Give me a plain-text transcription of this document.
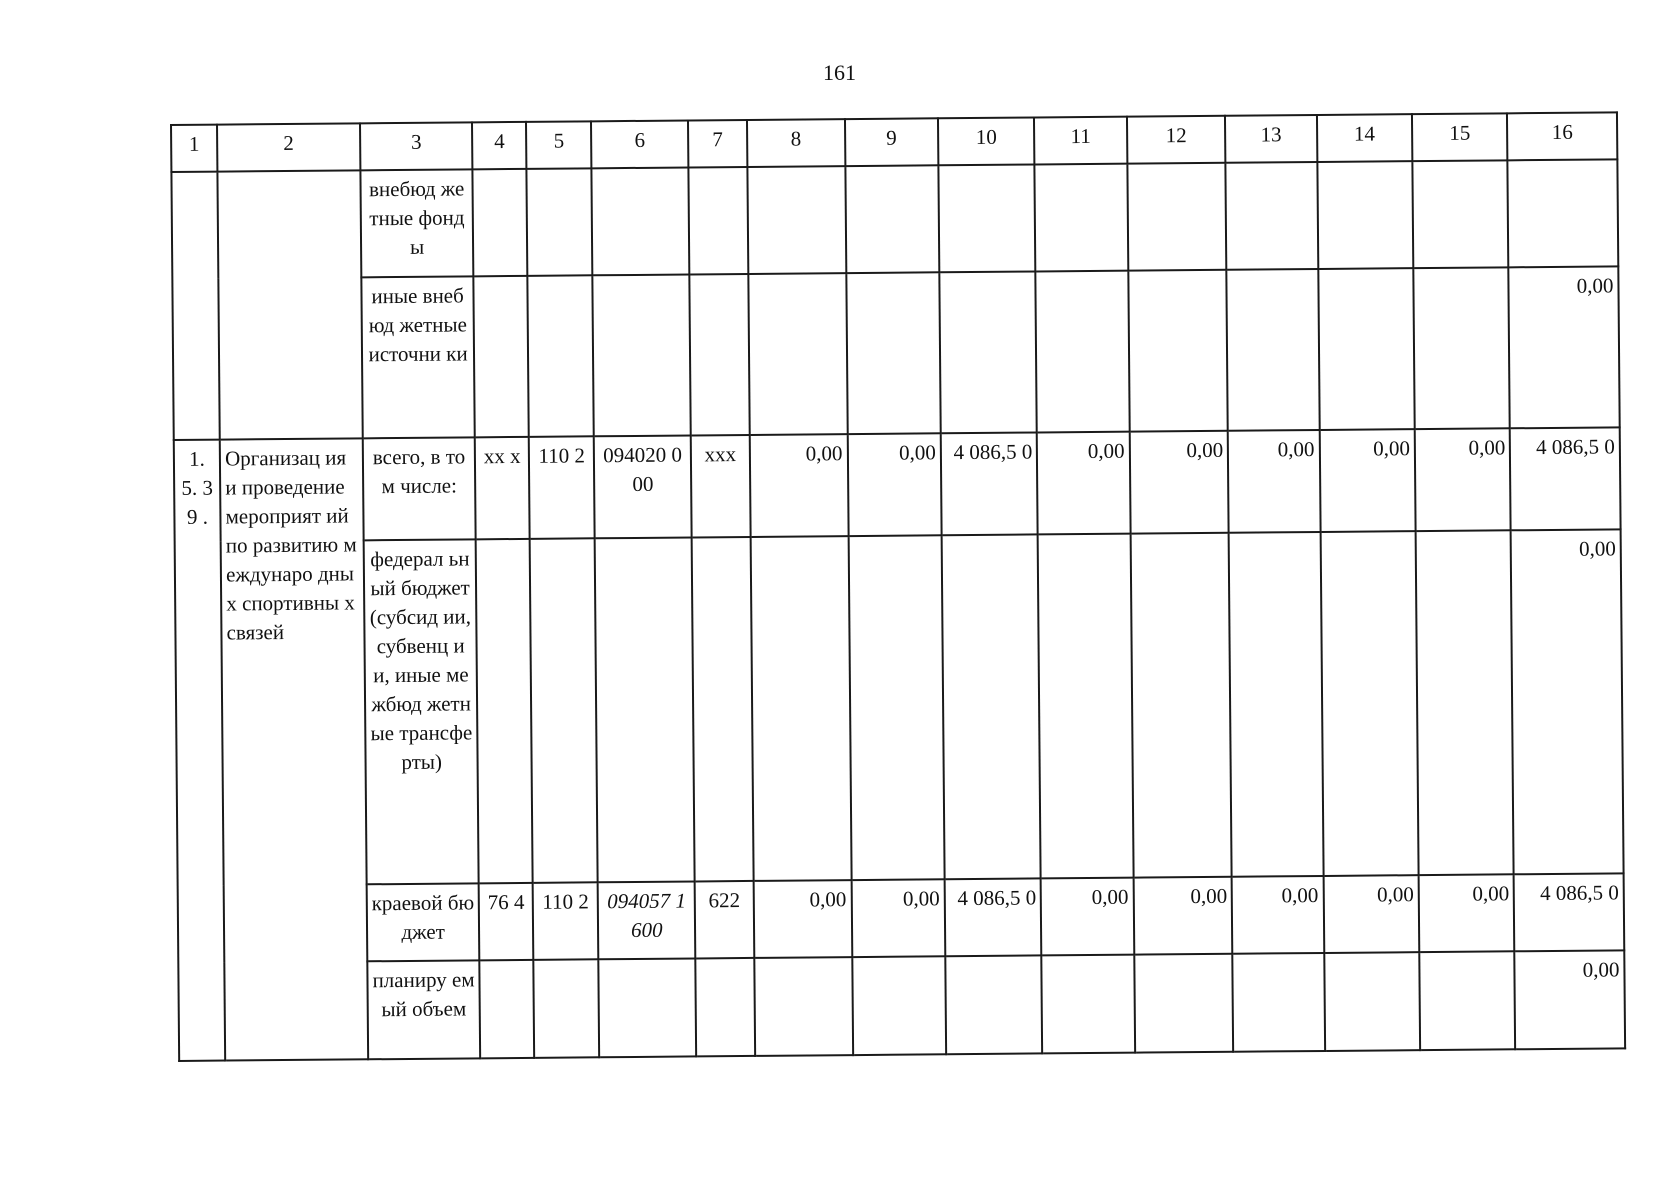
161
1	2	3	4	5	6	7	8	9	10	11	12	13	14	15	16
		внебюд жетные фонды													
		иные внебюд жетные источни ки													0,00
1. 5. 39 .	Организац ия и проведение мероприят ий по развитию междунаро дных спортивны х связей	всего, в том числе:	xx x	110 2	094020 000	xxx	0,00	0,00	4 086,5 0	0,00	0,00	0,00	0,00	0,00	4 086,5 0
		федерал ьный бюджет (субсид ии, субвенц ии, иные межбюд жетные трансфе рты)													0,00
		краевой бюджет	76 4	110 2	094057 1600	622	0,00	0,00	4 086,5 0	0,00	0,00	0,00	0,00	0,00	4 086,5 0
		планиру емый объем													0,00
